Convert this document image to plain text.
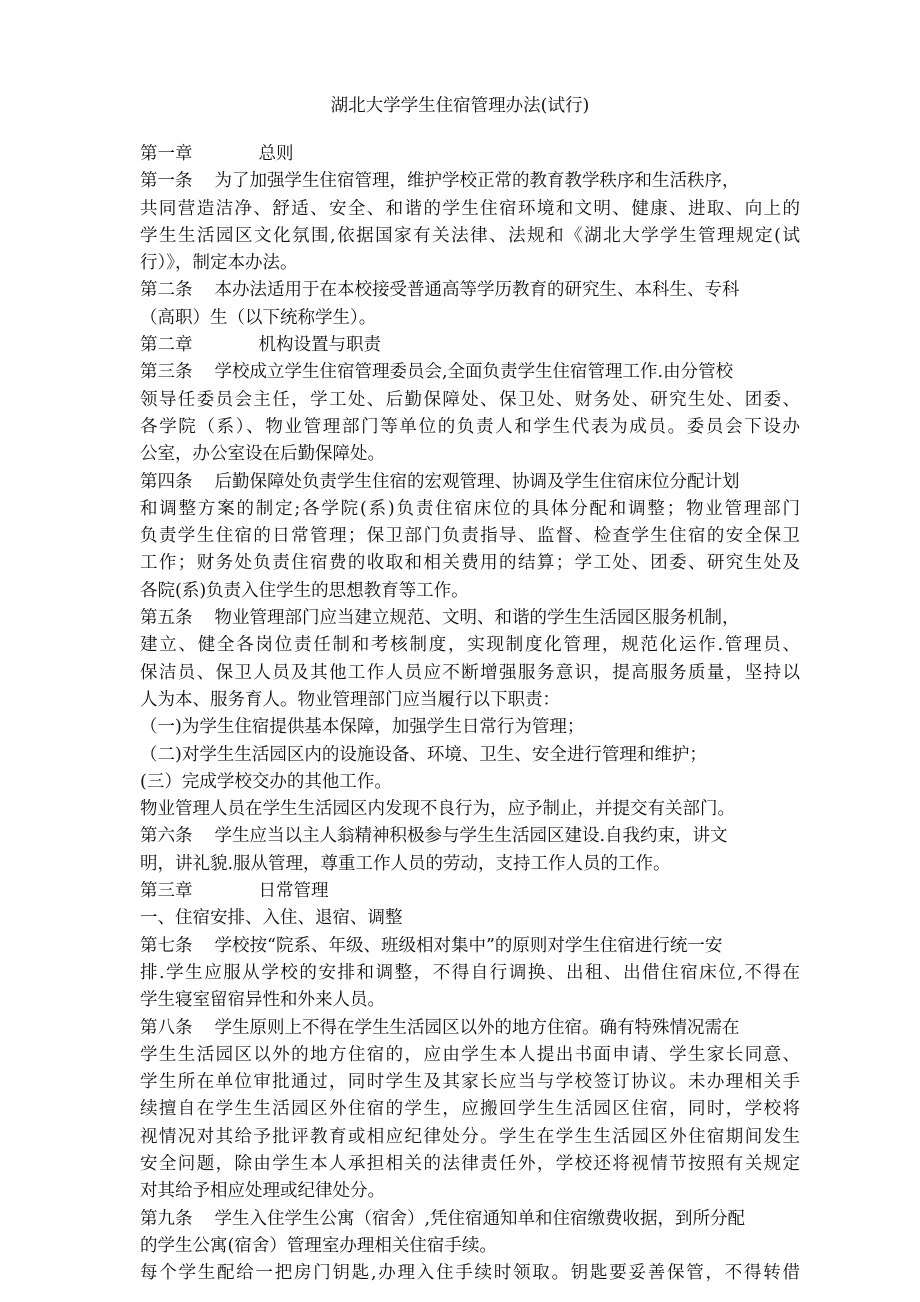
湖北大学学生住宿管理办法(试行)
第一章	总则
第一条 为了加强学生住宿管理，维护学校正常的教育教学秩序和生活秩序，
共同营造洁净、舒适、安全、和谐的学生住宿环境和文明、健康、进取、向上的
学生生活园区文化氛围,依据国家有关法律、法规和《湖北大学学生管理规定(试
行）》，制定本办法。
第二条 本办法适用于在本校接受普通高等学历教育的研究生、本科生、专科
（高职）生（以下统称学生）。
第二章	机构设置与职责
第三条 学校成立学生住宿管理委员会,全面负责学生住宿管理工作.由分管校
领导任委员会主任，学工处、后勤保障处、保卫处、财务处、研究生处、团委、
各学院（系）、物业管理部门等单位的负责人和学生代表为成员。委员会下设办
公室，办公室设在后勤保障处。
第四条 后勤保障处负责学生住宿的宏观管理、协调及学生住宿床位分配计划
和调整方案的制定;各学院(系)负责住宿床位的具体分配和调整；物业管理部门
负责学生住宿的日常管理；保卫部门负责指导、监督、检查学生住宿的安全保卫
工作；财务处负责住宿费的收取和相关费用的结算；学工处、团委、研究生处及
各院(系)负责入住学生的思想教育等工作。
第五条 物业管理部门应当建立规范、文明、和谐的学生生活园区服务机制，
建立、健全各岗位责任制和考核制度，实现制度化管理，规范化运作.管理员、
保洁员、保卫人员及其他工作人员应不断增强服务意识，提高服务质量，坚持以
人为本、服务育人。物业管理部门应当履行以下职责：
（一)为学生住宿提供基本保障，加强学生日常行为管理；
（二)对学生生活园区内的设施设备、环境、卫生、安全进行管理和维护；
(三）完成学校交办的其他工作。
物业管理人员在学生生活园区内发现不良行为，应予制止，并提交有关部门。
第六条 学生应当以主人翁精神积极参与学生生活园区建设.自我约束，讲文
明，讲礼貌.服从管理，尊重工作人员的劳动，支持工作人员的工作。
第三章	日常管理
一、住宿安排、入住、退宿、调整
第七条 学校按“院系、年级、班级相对集中”的原则对学生住宿进行统一安
排.学生应服从学校的安排和调整，不得自行调换、出租、出借住宿床位,不得在
学生寝室留宿异性和外来人员。
第八条 学生原则上不得在学生生活园区以外的地方住宿。确有特殊情况需在
学生生活园区以外的地方住宿的，应由学生本人提出书面申请、学生家长同意、
学生所在单位审批通过，同时学生及其家长应当与学校签订协议。未办理相关手
续擅自在学生生活园区外住宿的学生，应搬回学生生活园区住宿，同时，学校将
视情况对其给予批评教育或相应纪律处分。学生在学生生活园区外住宿期间发生
安全问题，除由学生本人承担相关的法律责任外，学校还将视情节按照有关规定
对其给予相应处理或纪律处分。
第九条 学生入住学生公寓（宿舍）,凭住宿通知单和住宿缴费收据，到所分配
的学生公寓(宿舍）管理室办理相关住宿手续。
每个学生配给一把房门钥匙,办理入住手续时领取。钥匙要妥善保管，不得转借
